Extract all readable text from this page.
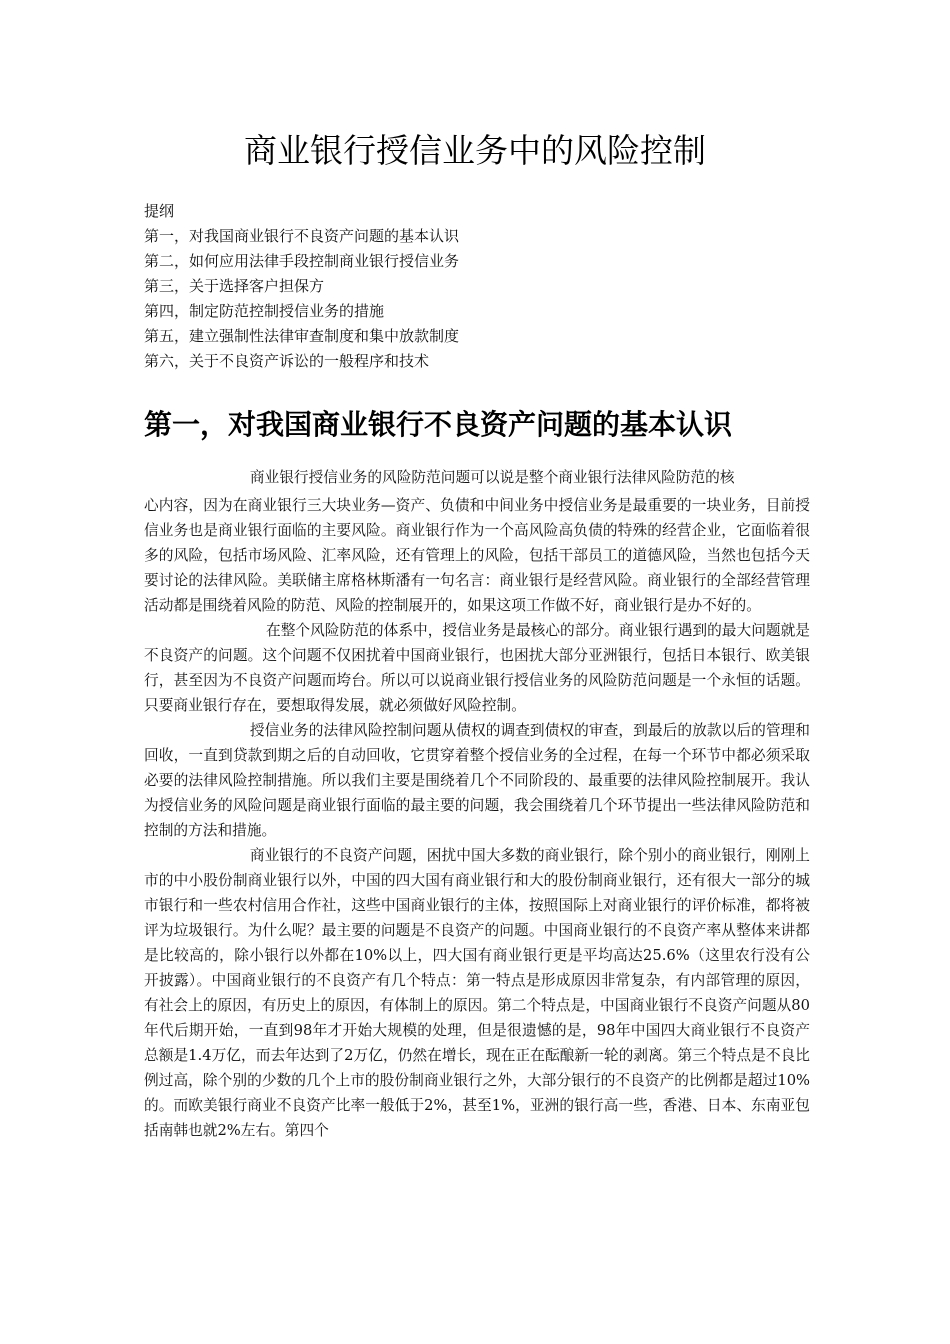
商业银行授信业务中的风险控制
提纲
第一，对我国商业银行不良资产问题的基本认识
第二，如何应用法律手段控制商业银行授信业务
第三，关于选择客户担保方
第四，制定防范控制授信业务的措施
第五，建立强制性法律审查制度和集中放款制度
第六，关于不良资产诉讼的一般程序和技术
第一，对我国商业银行不良资产问题的基本认识

商业银行授信业务的风险防范问题可以说是整个商业银行法律风险防范的核
心内容，因为在商业银行三大块业务—资产、负债和中间业务中授信业务是最重要的一块业务，目前授信业务也是商业银行面临的主要风险。商业银行作为一个高风险高负债的特殊的经营企业，它面临着很多的风险，包括市场风险、汇率风险，还有管理上的风险，包括干部员工的道德风险，当然也包括今天要讨论的法律风险。美联储主席格林斯潘有一句名言：商业银行是经营风险。商业银行的全部经营管理活动都是围绕着风险的防范、风险的控制展开的，如果这项工作做不好，商业银行是办不好的。

在整个风险防范的体系中，授信业务是最核心的部分。商业银行遇到的最大问题就是不良资产的问题。这个问题不仅困扰着中国商业银行，也困扰大部分亚洲银行，包括日本银行、欧美银行，甚至因为不良资产问题而垮台。所以可以说商业银行授信业务的风险防范问题是一个永恒的话题。只要商业银行存在，要想取得发展，就必须做好风险控制。

授信业务的法律风险控制问题从债权的调查到债权的审查，到最后的放款以后的管理和回收，一直到贷款到期之后的自动回收，它贯穿着整个授信业务的全过程，在每一个环节中都必须采取必要的法律风险控制措施。所以我们主要是围绕着几个不同阶段的、最重要的法律风险控制展开。我认为授信业务的风险问题是商业银行面临的最主要的问题，我会围绕着几个环节提出一些法律风险防范和控制的方法和措施。

商业银行的不良资产问题，困扰中国大多数的商业银行，除个别小的商业银行，刚刚上市的中小股份制商业银行以外，中国的四大国有商业银行和大的股份制商业银行，还有很大一部分的城市银行和一些农村信用合作社，这些中国商业银行的主体，按照国际上对商业银行的评价标准，都将被评为垃圾银行。为什么呢？最主要的问题是不良资产的问题。中国商业银行的不良资产率从整体来讲都是比较高的，除小银行以外都在10%以上，四大国有商业银行更是平均高达25.6%（这里农行没有公开披露）。中国商业银行的不良资产有几个特点：第一特点是形成原因非常复杂，有内部管理的原因，有社会上的原因，有历史上的原因，有体制上的原因。第二个特点是，中国商业银行不良资产问题从80年代后期开始，一直到98年才开始大规模的处理，但是很遗憾的是，98年中国四大商业银行不良资产总额是1.4万亿，而去年达到了2万亿，仍然在增长，现在正在酝酿新一轮的剥离。第三个特点是不良比例过高，除个别的少数的几个上市的股份制商业银行之外，大部分银行的不良资产的比例都是超过10%的。而欧美银行商业不良资产比率一般低于2%，甚至1%，亚洲的银行高一些，香港、日本、东南亚包括南韩也就2%左右。第四个
